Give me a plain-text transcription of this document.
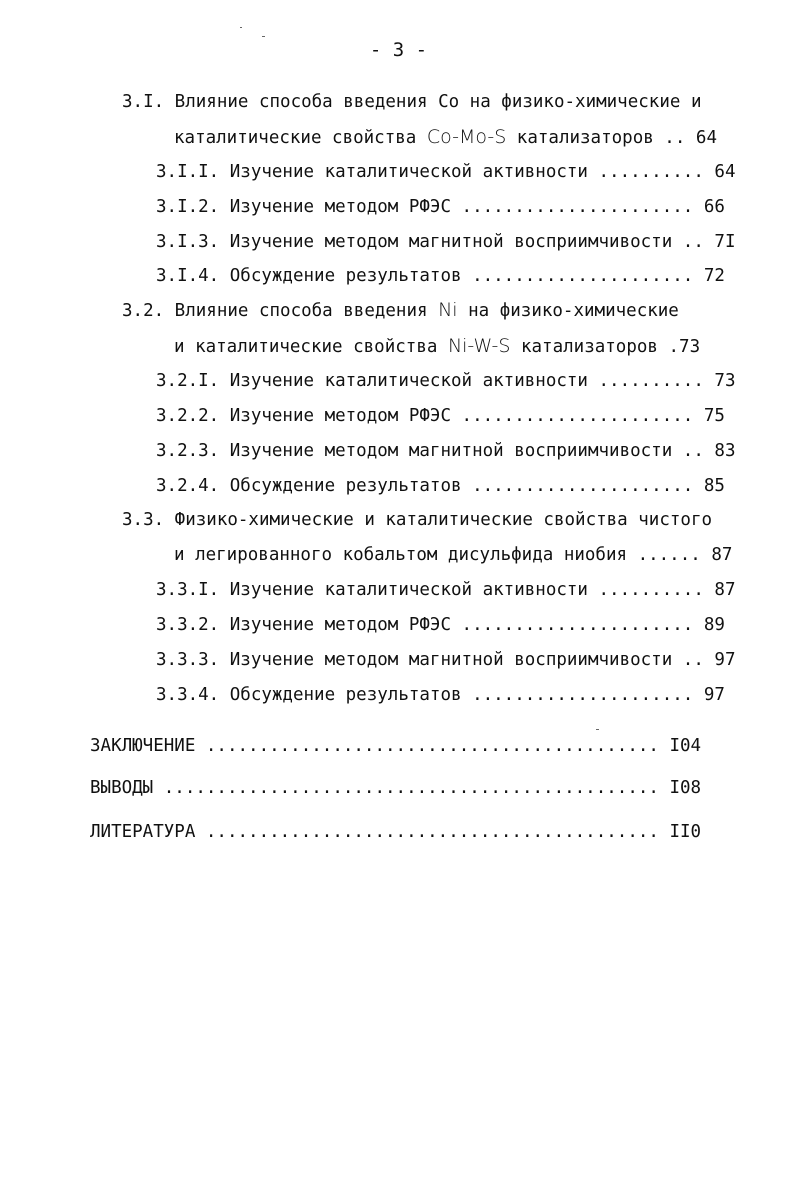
- 3 -
3.I. Влияние способа введения Co на физико-химические и
каталитические свойства Co-Mo-S катализаторов .. 64
3.I.I. Изучение каталитической активности .......... 64
3.I.2. Изучение методом РФЭС ...................... 66
3.I.3. Изучение методом магнитной восприимчивости .. 7I
3.I.4. Обсуждение результатов ..................... 72
3.2. Влияние способа введения Ni на физико-химические
и каталитические свойства Ni-W-S катализаторов .73
3.2.I. Изучение каталитической активности .......... 73
3.2.2. Изучение методом РФЭС ...................... 75
3.2.3. Изучение методом магнитной восприимчивости .. 83
3.2.4. Обсуждение результатов ..................... 85
3.3. Физико-химические и каталитические свойства чистого
и легированного кобальтом дисульфида ниобия ...... 87
3.3.I. Изучение каталитической активности .......... 87
3.3.2. Изучение методом РФЭС ...................... 89
3.3.3. Изучение методом магнитной восприимчивости .. 97
3.3.4. Обсуждение результатов ..................... 97
ЗАКЛЮЧЕНИЕ ........................................... I04
ВЫВОДЫ ............................................... I08
ЛИТЕРАТУРА ........................................... II0
